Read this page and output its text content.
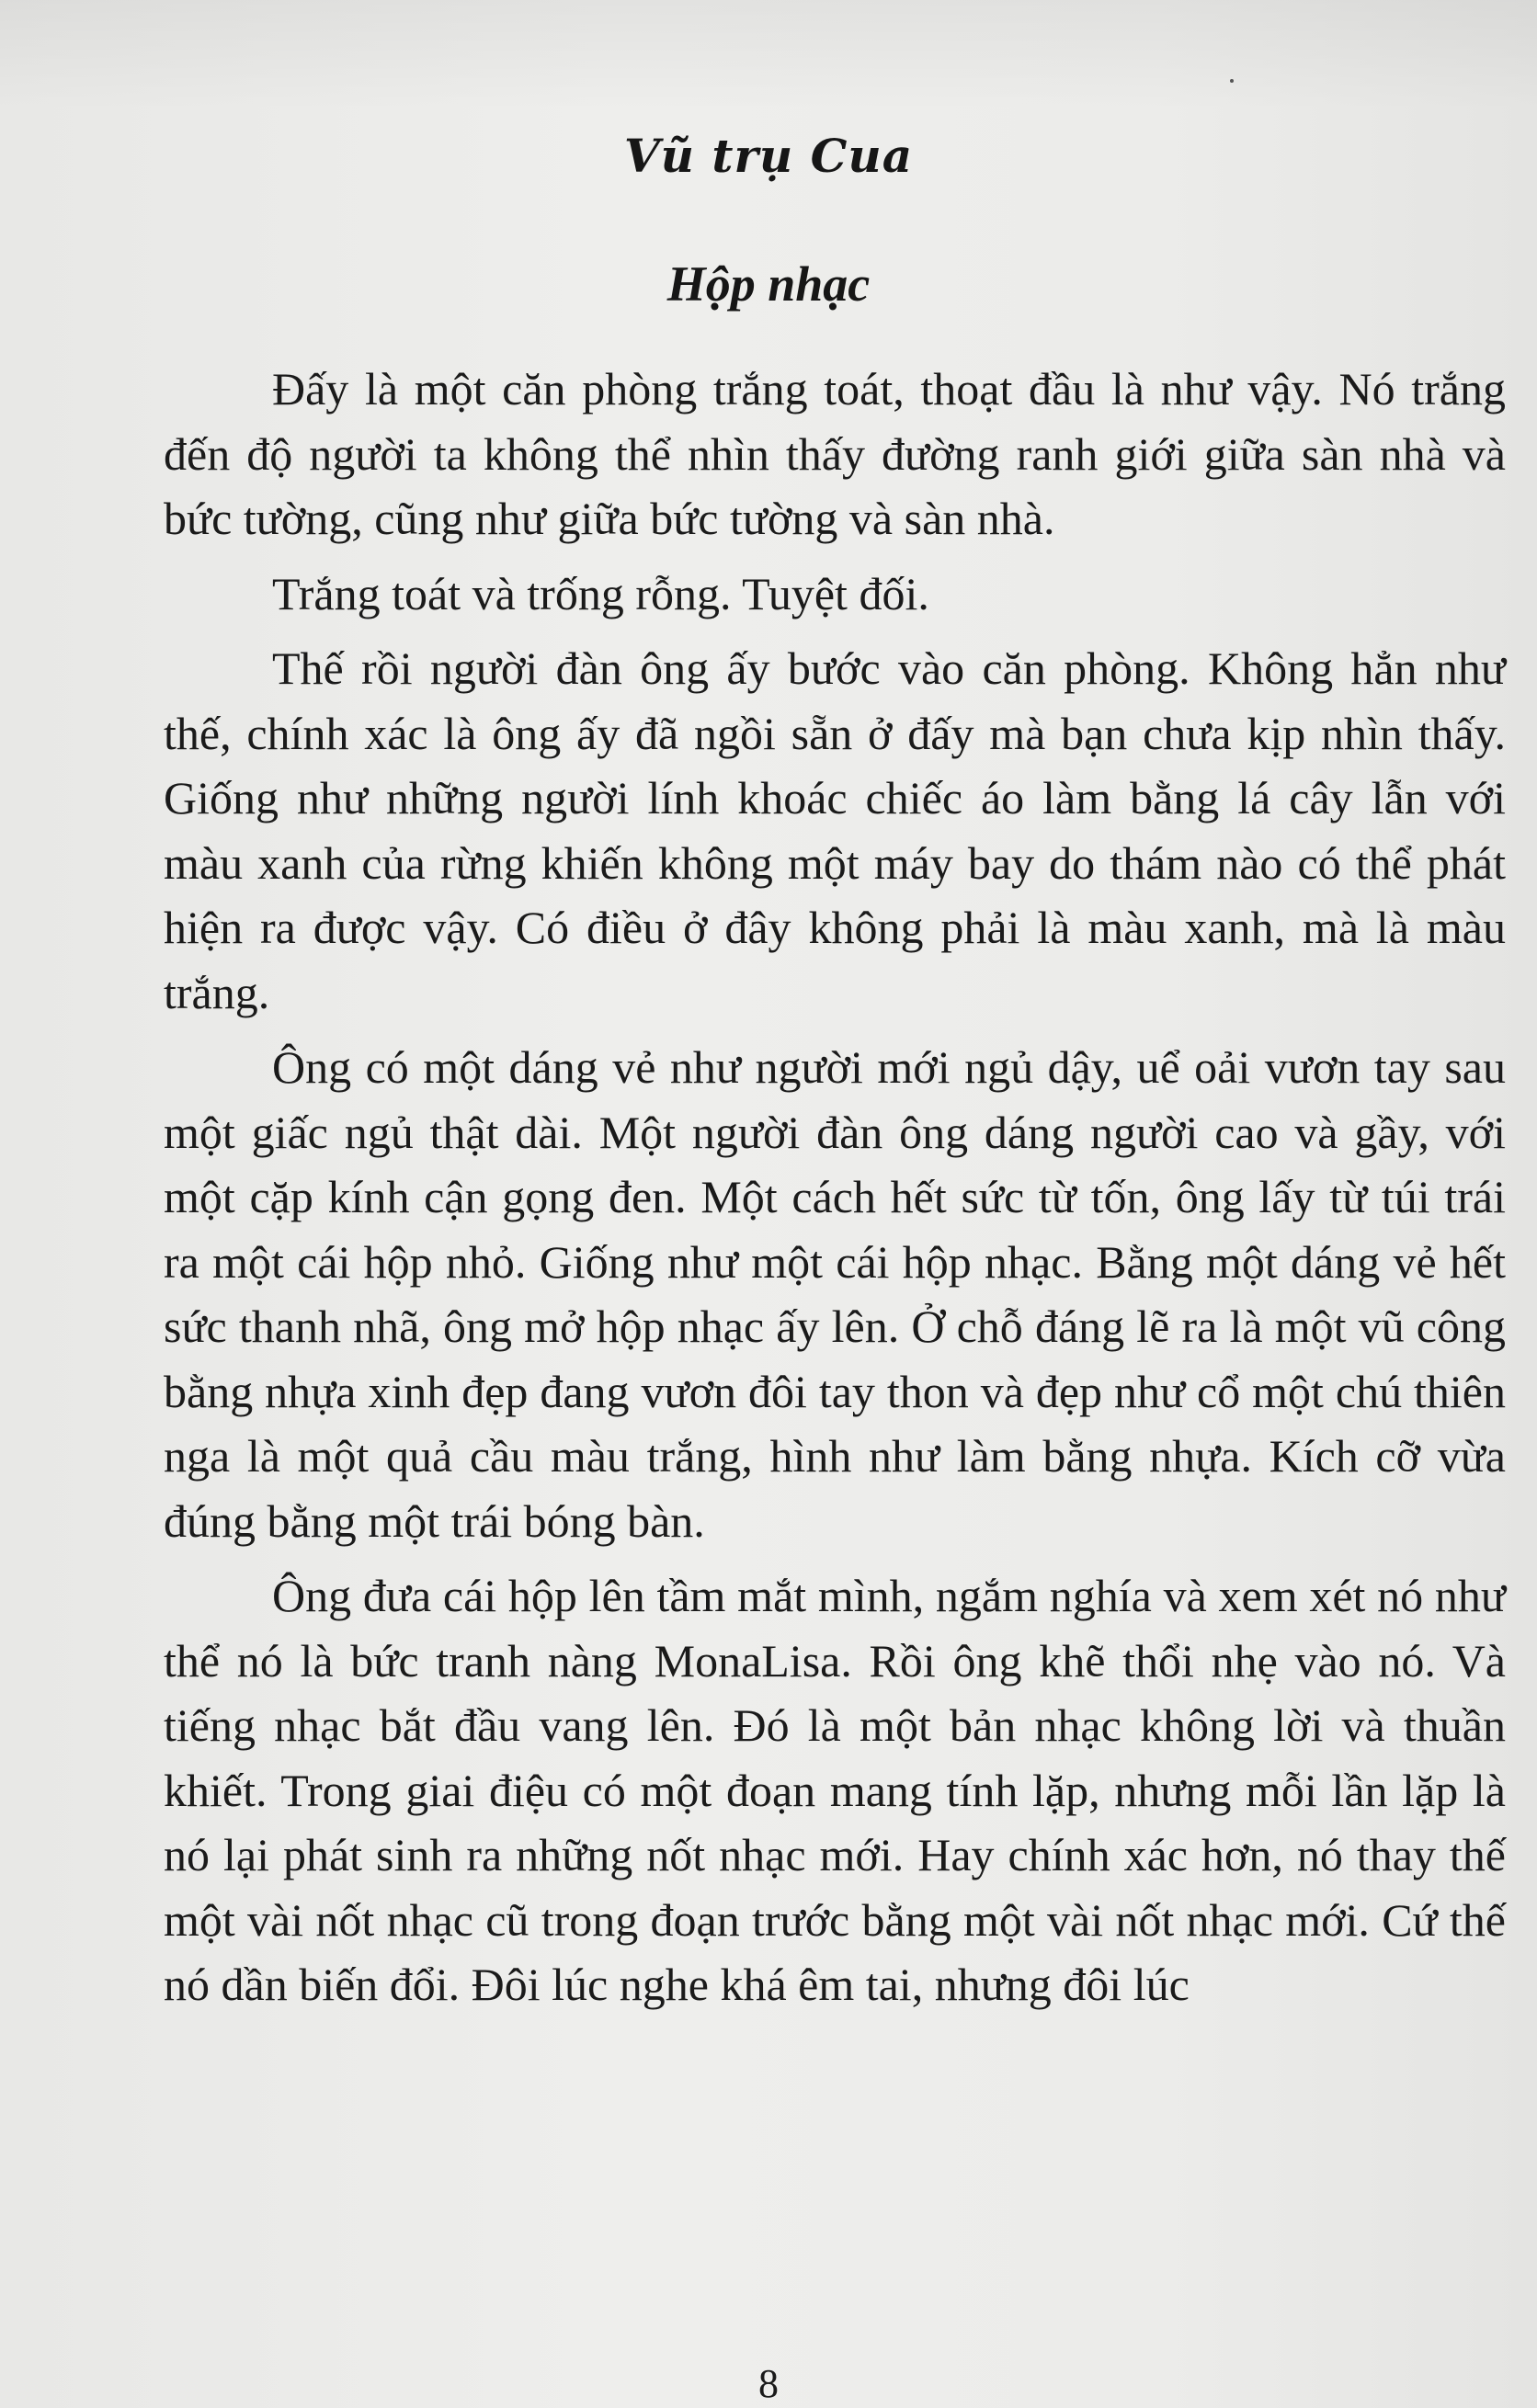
Vũ trụ Cua
Hộp nhạc

Đấy là một căn phòng trắng toát, thoạt đầu là như vậy. Nó trắng đến độ người ta không thể nhìn thấy đường ranh giới giữa sàn nhà và bức tường, cũng như giữa bức tường và sàn nhà.

Trắng toát và trống rỗng. Tuyệt đối.

Thế rồi người đàn ông ấy bước vào căn phòng. Không hẳn như thế, chính xác là ông ấy đã ngồi sẵn ở đấy mà bạn chưa kịp nhìn thấy. Giống như những người lính khoác chiếc áo làm bằng lá cây lẫn với màu xanh của rừng khiến không một máy bay do thám nào có thể phát hiện ra được vậy. Có điều ở đây không phải là màu xanh, mà là màu trắng.

Ông có một dáng vẻ như người mới ngủ dậy, uể oải vươn tay sau một giấc ngủ thật dài. Một người đàn ông dáng người cao và gầy, với một cặp kính cận gọng đen. Một cách hết sức từ tốn, ông lấy từ túi trái ra một cái hộp nhỏ. Giống như một cái hộp nhạc. Bằng một dáng vẻ hết sức thanh nhã, ông mở hộp nhạc ấy lên. Ở chỗ đáng lẽ ra là một vũ công bằng nhựa xinh đẹp đang vươn đôi tay thon và đẹp như cổ một chú thiên nga là một quả cầu màu trắng, hình như làm bằng nhựa. Kích cỡ vừa đúng bằng một trái bóng bàn.

Ông đưa cái hộp lên tầm mắt mình, ngắm nghía và xem xét nó như thể nó là bức tranh nàng MonaLisa. Rồi ông khẽ thổi nhẹ vào nó. Và tiếng nhạc bắt đầu vang lên. Đó là một bản nhạc không lời và thuần khiết. Trong giai điệu có một đoạn mang tính lặp, nhưng mỗi lần lặp là nó lại phát sinh ra những nốt nhạc mới. Hay chính xác hơn, nó thay thế một vài nốt nhạc cũ trong đoạn trước bằng một vài nốt nhạc mới. Cứ thế nó dần biến đổi. Đôi lúc nghe khá êm tai, nhưng đôi lúc

8
